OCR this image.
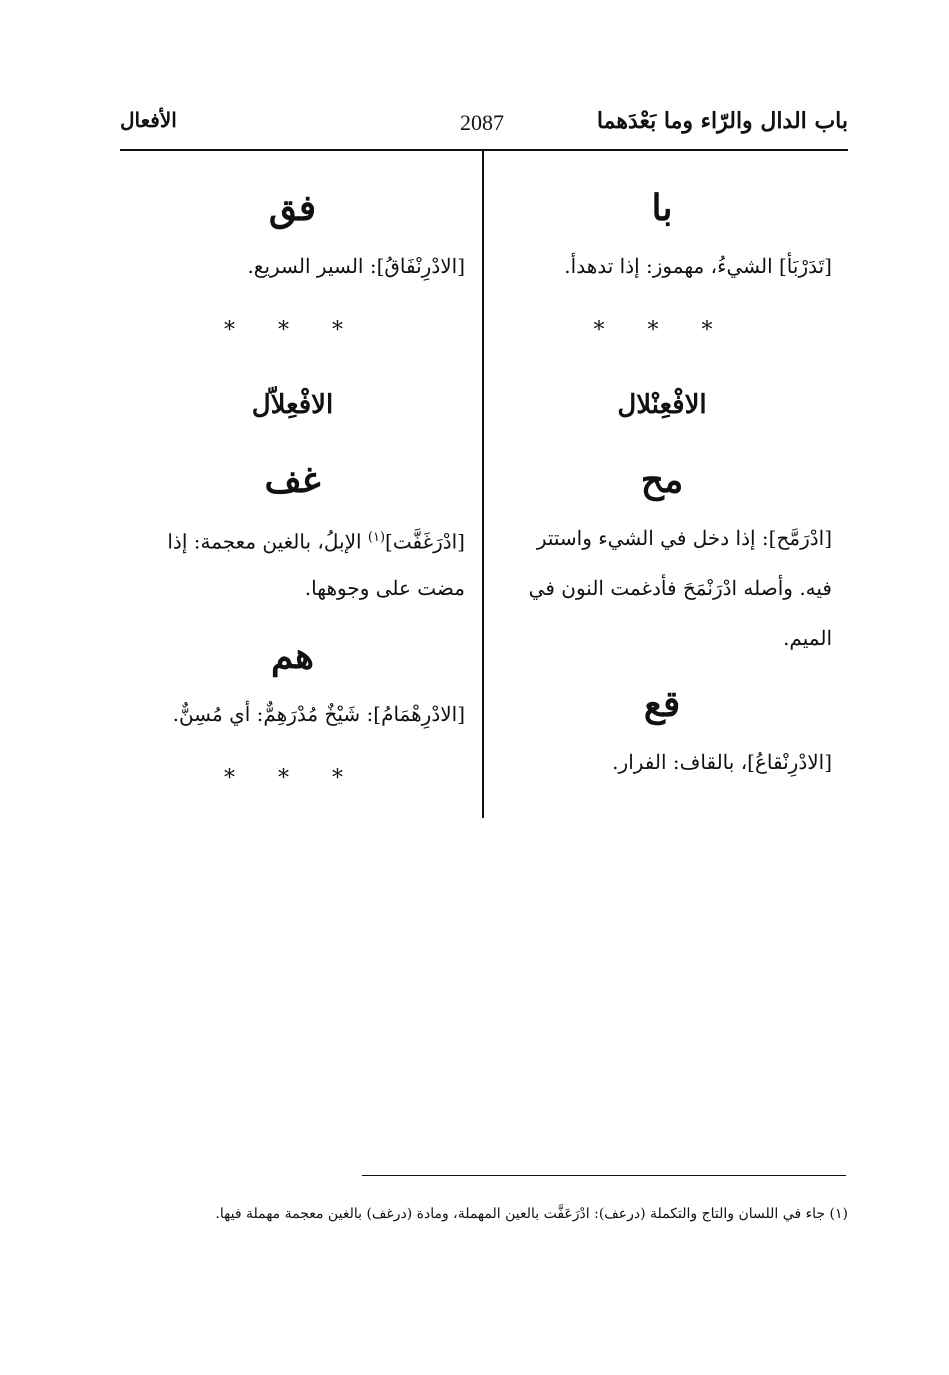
باب الدال والرّاء وما بَعْدَهما
2087
الأفعال

با

[تَدَرْبَأ] الشيءُ، مهموز: إذا تدهدأ.

* * *

الافْعِنْلال

مح

[ادْرَمَّح]: إذا دخل في الشيء واستتر

فيه. وأصله ادْرَنْمَحَ فأدغمت النون في

الميم.

قع

[الادْرِنْقاعُ]، بالقاف: الفرار.

فق

[الادْرِنْفَاقُ]: السير السريع.

* * *

الافْعِلاّل

غف

[ادْرَغَفَّت]$^{(١)}$ الإبلُ، بالغين معجمة: إذا

مضت على وجوهها.

هم

[الادْرِهْمَامُ]: شَيْخٌ مُدْرَهِمٌّ: أي مُسِنٌّ.

* * *

(١) جاء في اللسان والتاج والتكملة (درعف): ادْرَعَفَّت بالعين المهملة، ومادة (درغف) بالغين معجمة مهملة فيها.
